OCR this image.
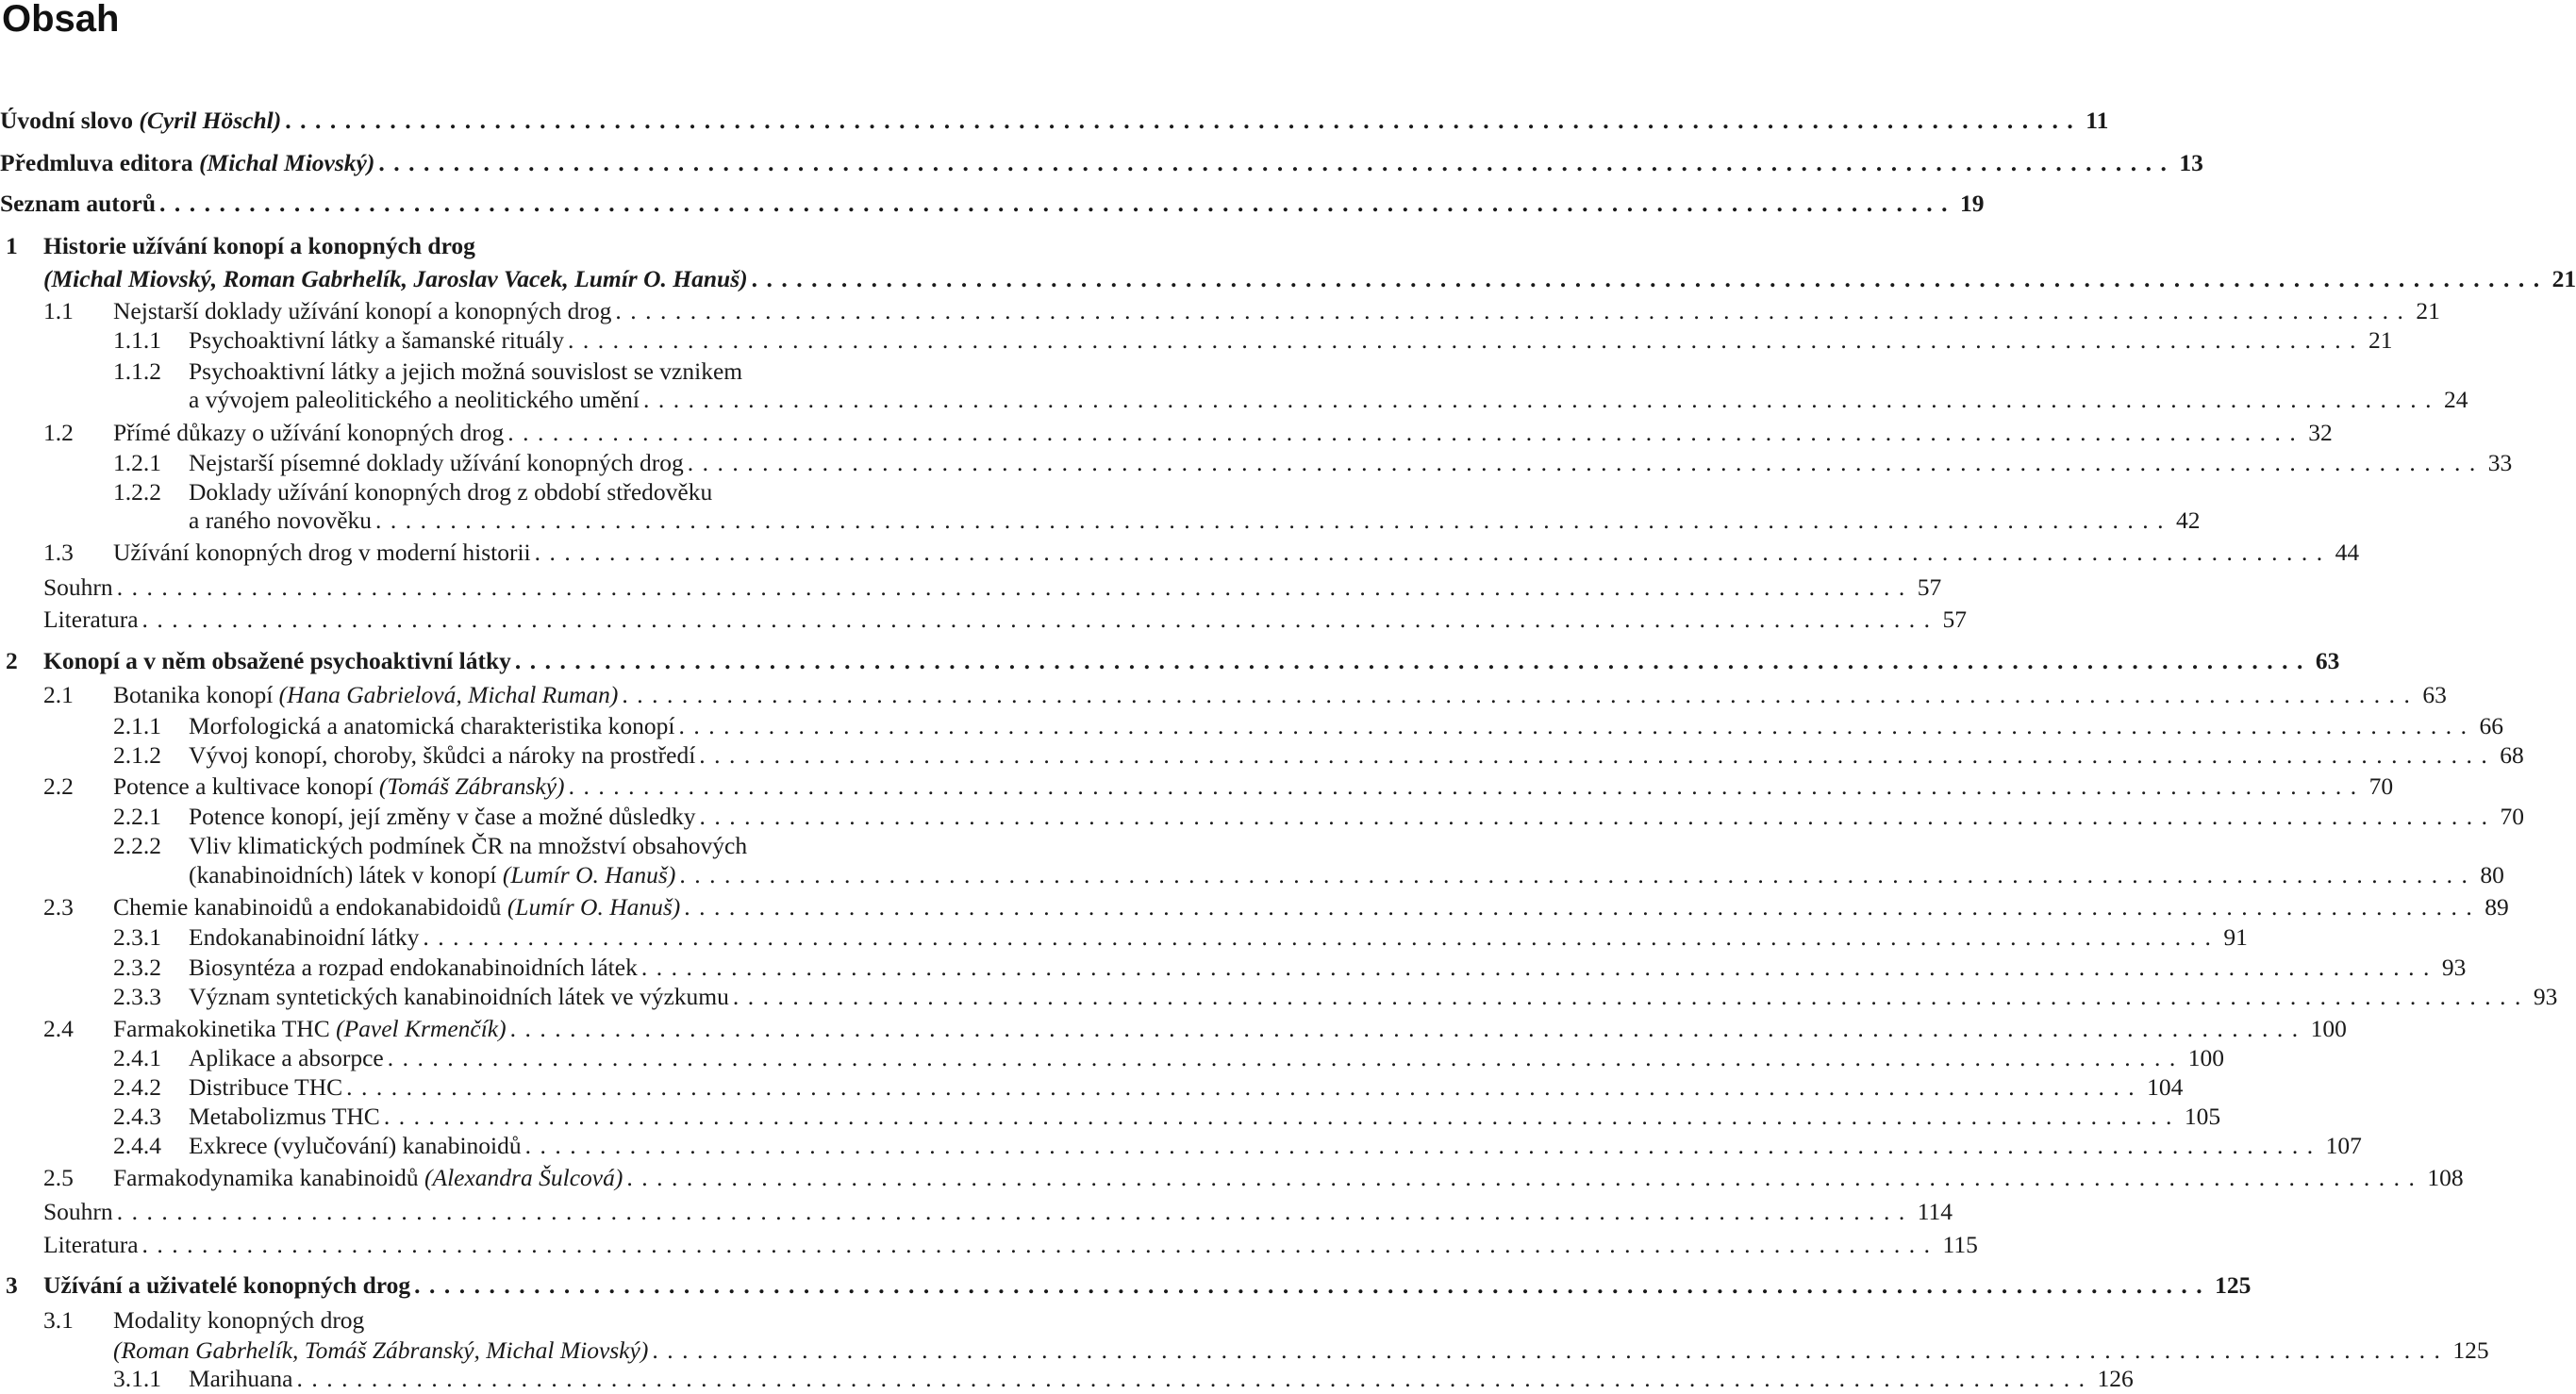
Obsah
Úvodní slovo (Cyril Höschl) ........................................................................................................................ 11
Předmluva editora (Michal Miovský) ........................................................................................................................ 13
Seznam autorů ........................................................................................................................ 19
1	Historie užívání konopí a konopných drog
(Michal Miovský, Roman Gabrhelík, Jaroslav Vacek, Lumír O. Hanuš) ........................................................................................................................ 21
1.1	Nejstarší doklady užívání konopí a konopných drog ........................................................................................................................ 21
1.1.1	Psychoaktivní látky a šamanské rituály ........................................................................................................................ 21
1.1.2	Psychoaktivní látky a jejich možná souvislost se vznikem
a vývojem paleolitického a neolitického umění ........................................................................................................................ 24
1.2	Přímé důkazy o užívání konopných drog ........................................................................................................................ 32
1.2.1	Nejstarší písemné doklady užívání konopných drog ........................................................................................................................ 33
1.2.2	Doklady užívání konopných drog z období středověku
a raného novověku ........................................................................................................................ 42
1.3	Užívání konopných drog v moderní historii ........................................................................................................................ 44
Souhrn ........................................................................................................................ 57
Literatura ........................................................................................................................ 57
2	Konopí a v něm obsažené psychoaktivní látky ........................................................................................................................ 63
2.1	Botanika konopí (Hana Gabrielová, Michal Ruman) ........................................................................................................................ 63
2.1.1	Morfologická a anatomická charakteristika konopí ........................................................................................................................ 66
2.1.2	Vývoj konopí, choroby, škůdci a nároky na prostředí ........................................................................................................................ 68
2.2	Potence a kultivace konopí (Tomáš Zábranský) ........................................................................................................................ 70
2.2.1	Potence konopí, její změny v čase a možné důsledky ........................................................................................................................ 70
2.2.2	Vliv klimatických podmínek ČR na množství obsahových
(kanabinoidních) látek v konopí (Lumír O. Hanuš) ........................................................................................................................ 80
2.3	Chemie kanabinoidů a endokanabidoidů (Lumír O. Hanuš) ........................................................................................................................ 89
2.3.1	Endokanabinoidní látky ........................................................................................................................ 91
2.3.2	Biosyntéza a rozpad endokanabinoidních látek ........................................................................................................................ 93
2.3.3	Význam syntetických kanabinoidních látek ve výzkumu ........................................................................................................................ 93
2.4	Farmakokinetika THC (Pavel Krmenčík) ........................................................................................................................ 100
2.4.1	Aplikace a absorpce ........................................................................................................................ 100
2.4.2	Distribuce THC ........................................................................................................................ 104
2.4.3	Metabolizmus THC ........................................................................................................................ 105
2.4.4	Exkrece (vylučování) kanabinoidů ........................................................................................................................ 107
2.5	Farmakodynamika kanabinoidů (Alexandra Šulcová) ........................................................................................................................ 108
Souhrn ........................................................................................................................ 114
Literatura ........................................................................................................................ 115
3	Užívání a uživatelé konopných drog ........................................................................................................................ 125
3.1	Modality konopných drog
(Roman Gabrhelík, Tomáš Zábranský, Michal Miovský) ........................................................................................................................ 125
3.1.1	Marihuana ........................................................................................................................ 126
